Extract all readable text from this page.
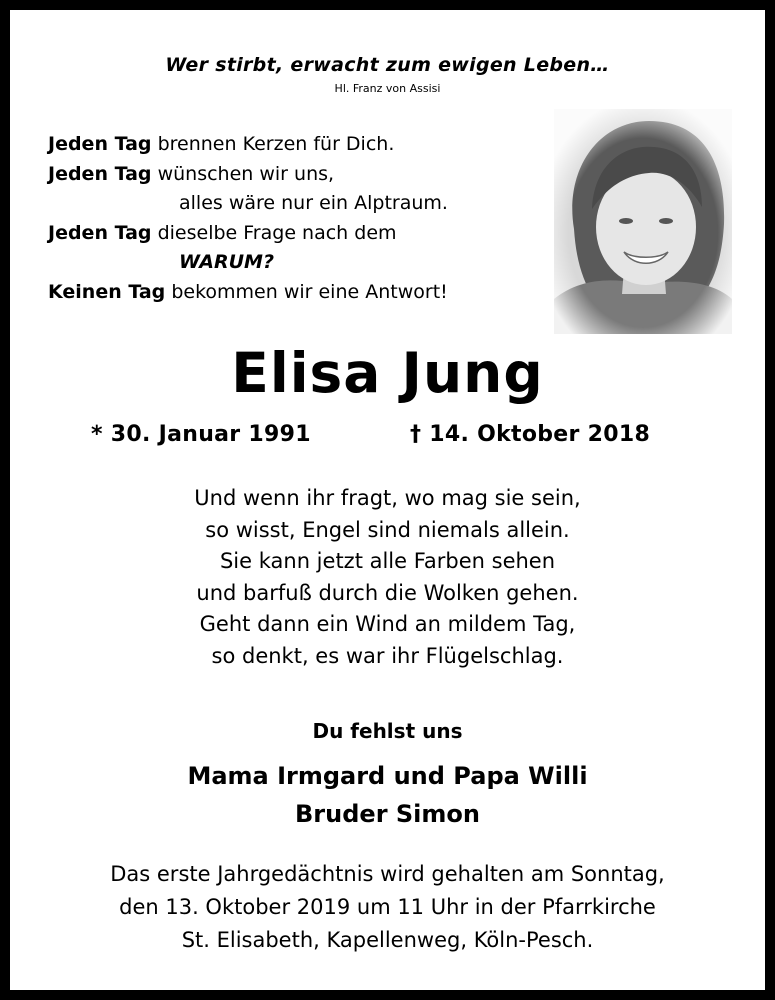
Wer stirbt, erwacht zum ewigen Leben…
Hl. Franz von Assisi
Jeden Tag brennen Kerzen für Dich.
Jeden Tag wünschen wir uns,
alles wäre nur ein Alptraum.
Jeden Tag dieselbe Frage nach dem
WARUM?
Keinen Tag bekommen wir eine Antwort!
Elisa Jung
* 30. Januar 1991	† 14. Oktober 2018
Und wenn ihr fragt, wo mag sie sein,
so wisst, Engel sind niemals allein.
Sie kann jetzt alle Farben sehen
und barfuß durch die Wolken gehen.
Geht dann ein Wind an mildem Tag,
so denkt, es war ihr Flügelschlag.
Du fehlst uns
Mama Irmgard und Papa Willi
Bruder Simon
Das erste Jahrgedächtnis wird gehalten am Sonntag,
den 13. Oktober 2019 um 11 Uhr in der Pfarrkirche
St. Elisabeth, Kapellenweg, Köln-Pesch.
